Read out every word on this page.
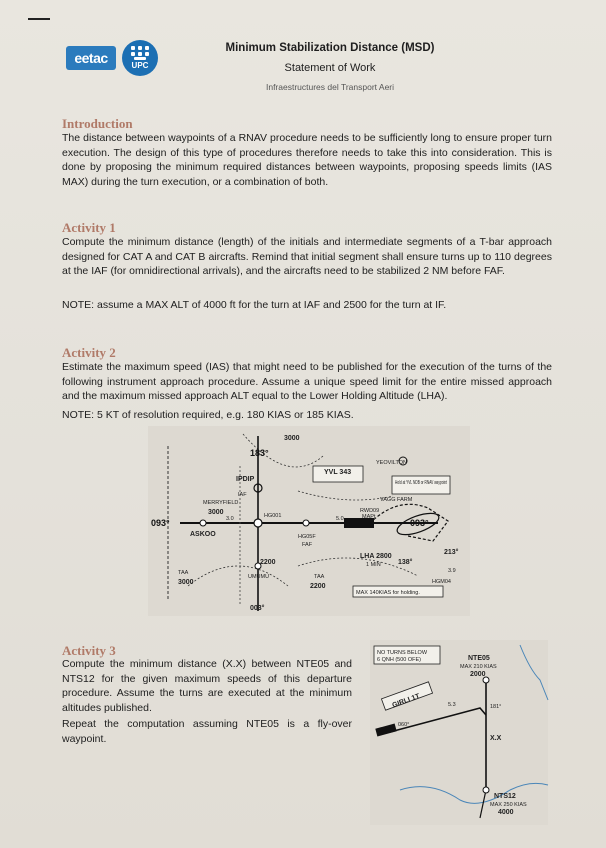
eetac	UPC
Minimum Stabilization Distance (MSD)
Statement of Work
Infraestructures del Transport Aeri
Introduction

The distance between waypoints of a RNAV procedure needs to be sufficiently long to ensure proper turn execution. The design of this type of procedures therefore needs to take this into consideration. This is done by proposing the minimum required distances between waypoints, proposing speeds limits (IAS MAX) during the turn execution, or a combination of both.

Activity 1

Compute the minimum distance (length) of the initials and intermediate segments of a T-bar approach designed for CAT A and CAT B aircrafts. Remind that initial segment shall ensure turns up to 110 degrees at the IAF (for omnidirectional arrivals), and the aircrafts need to be stabilized 2 NM before FAF.

NOTE: assume a MAX ALT of 4000 ft for the turn at IAF and 2500 for the turn at IF.

Activity 2

Estimate the maximum speed (IAS) that might need to be published for the execution of the turns of the following instrument approach procedure. Assume a unique speed limit for the entire missed approach and the maximum missed approach ALT equal to the Lower Holding Altitude (LHA).

NOTE: 5 KT of resolution required, e.g. 180 KIAS or 185 KIAS.

YEOVILTON
YVL 343
Hold at YVL NDB or RNAV waypoint
VAGG FARM
IPDIP
IAF
MERRYFIELD
ASKOO
HG001
HG05F
FAF
RWD09
MAPt
LHA 2800
1 MIN
UMUMU
TAA
TAA
3000
2200
3000
3000
2200
093°
003°
183°
093°
138°
213°
MAX 140KIAS for holding.
HGM04
5.0
3.0
3.9
Activity 3

Compute the minimum distance (X.X) between NTE05 and NTS12 for the given maximum speeds of this departure procedure. Assume the turns are executed at the minimum altitudes published.

Repeat the computation assuming NTE05 is a fly-over waypoint.

NO TURNS BELOW
6 QNH (500 OFE)	NTE05
MAX 210 KIAS
2000
GIRLI 1T
060°
5.3	181°
X.X
NTS12
MAX 250 KIAS
4000
